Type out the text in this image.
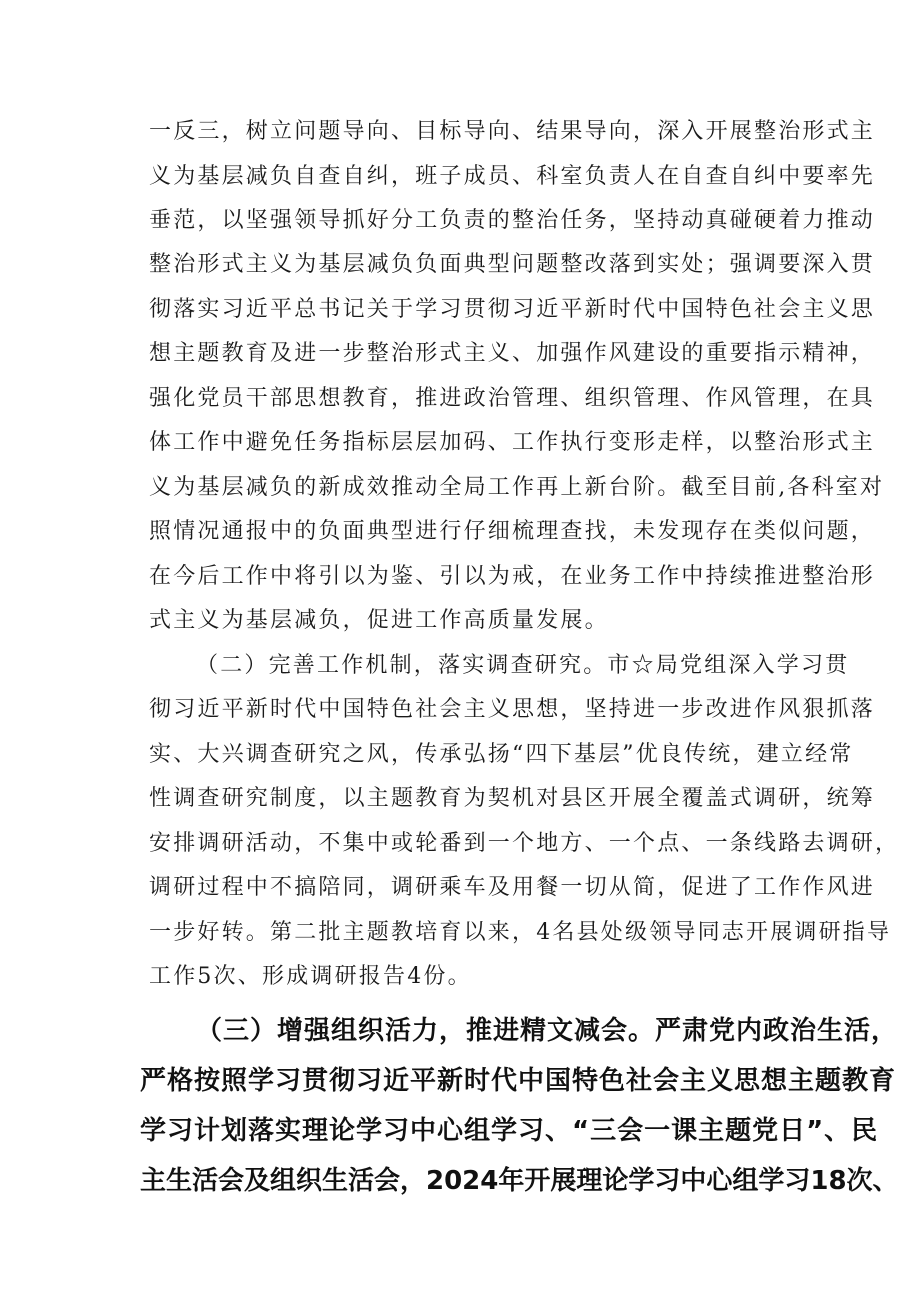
一反三，树立问题导向、目标导向、结果导向，深入开展整治形式主
义为基层减负自查自纠，班子成员、科室负责人在自查自纠中要率先
垂范，以坚强领导抓好分工负责的整治任务，坚持动真碰硬着力推动
整治形式主义为基层减负负面典型问题整改落到实处；强调要深入贯
彻落实习近平总书记关于学习贯彻习近平新时代中国特色社会主义思
想主题教育及进一步整治形式主义、加强作风建设的重要指示精神，
强化党员干部思想教育，推进政治管理、组织管理、作风管理，在具
体工作中避免任务指标层层加码、工作执行变形走样，以整治形式主
义为基层减负的新成效推动全局工作再上新台阶。截至目前,各科室对
照情况通报中的负面典型进行仔细梳理查找，未发现存在类似问题，
在今后工作中将引以为鉴、引以为戒，在业务工作中持续推进整治形
式主义为基层减负，促进工作高质量发展。
（二）完善工作机制，落实调查研究。市☆局党组深入学习贯
彻习近平新时代中国特色社会主义思想，坚持进一步改进作风狠抓落
实、大兴调查研究之风，传承弘扬“四下基层”优良传统，建立经常
性调查研究制度，以主题教育为契机对县区开展全覆盖式调研，统筹
安排调研活动，不集中或轮番到一个地方、一个点、一条线路去调研，
调研过程中不搞陪同，调研乘车及用餐一切从简，促进了工作作风进
一步好转。第二批主题教培育以来，4名县处级领导同志开展调研指导
工作5次、形成调研报告4份。
（三）增强组织活力，推进精文减会。严肃党内政治生活，
严格按照学习贯彻习近平新时代中国特色社会主义思想主题教育
学习计划落实理论学习中心组学习、“三会一课主题党日”、民
主生活会及组织生活会，2024年开展理论学习中心组学习18次、
